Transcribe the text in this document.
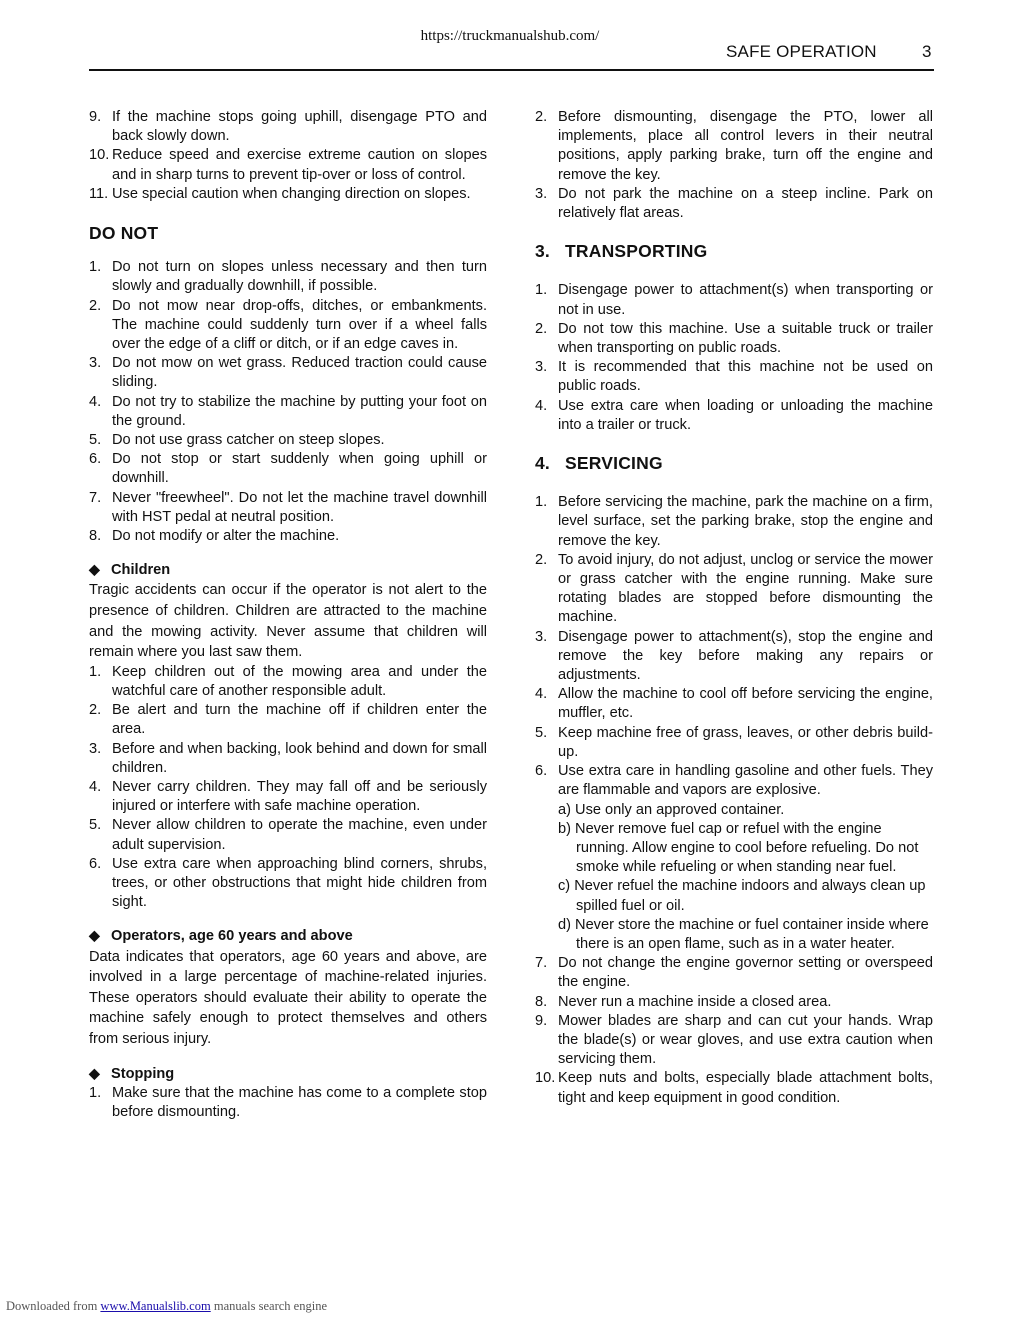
https://truckmanualshub.com/
SAFE OPERATION	3
9. If the machine stops going uphill, disengage PTO and back slowly down.
10. Reduce speed and exercise extreme caution on slopes and in sharp turns to prevent tip-over or loss of control.
11. Use special caution when changing direction on slopes.
DO NOT
1. Do not turn on slopes unless necessary and then turn slowly and gradually downhill, if possible.
2. Do not mow near drop-offs, ditches, or embankments. The machine could suddenly turn over if a wheel falls over the edge of a cliff or ditch, or if an edge caves in.
3. Do not mow on wet grass. Reduced traction could cause sliding.
4. Do not try to stabilize the machine by putting your foot on the ground.
5. Do not use grass catcher on steep slopes.
6. Do not stop or start suddenly when going uphill or downhill.
7. Never "freewheel". Do not let the machine travel downhill with HST pedal at neutral position.
8. Do not modify or alter the machine.
◆ Children

Tragic accidents can occur if the operator is not alert to the presence of children. Children are attracted to the machine and the mowing activity. Never assume that children will remain where you last saw them.

1. Keep children out of the mowing area and under the watchful care of another responsible adult.
2. Be alert and turn the machine off if children enter the area.
3. Before and when backing, look behind and down for small children.
4. Never carry children. They may fall off and be seriously injured or interfere with safe machine operation.
5. Never allow children to operate the machine, even under adult supervision.
6. Use extra care when approaching blind corners, shrubs, trees, or other obstructions that might hide children from sight.
◆ Operators, age 60 years and above

Data indicates that operators, age 60 years and above, are involved in a large percentage of machine-related injuries. These operators should evaluate their ability to operate the machine safely enough to protect themselves and others from serious injury.

◆ Stopping
1. Make sure that the machine has come to a complete stop before dismounting.
2. Before dismounting, disengage the PTO, lower all implements, place all control levers in their neutral positions, apply parking brake, turn off the engine and remove the key.
3. Do not park the machine on a steep incline. Park on relatively flat areas.
3. TRANSPORTING
1. Disengage power to attachment(s) when transporting or not in use.
2. Do not tow this machine. Use a suitable truck or trailer when transporting on public roads.
3. It is recommended that this machine not be used on public roads.
4. Use extra care when loading or unloading the machine into a trailer or truck.
4. SERVICING
1. Before servicing the machine, park the machine on a firm, level surface, set the parking brake, stop the engine and remove the key.
2. To avoid injury, do not adjust, unclog or service the mower or grass catcher with the engine running. Make sure rotating blades are stopped before dismounting the machine.
3. Disengage power to attachment(s), stop the engine and remove the key before making any repairs or adjustments.
4. Allow the machine to cool off before servicing the engine, muffler, etc.
5. Keep machine free of grass, leaves, or other debris build-up.
6. Use extra care in handling gasoline and other fuels. They are flammable and vapors are explosive.
a) Use only an approved container.
b) Never remove fuel cap or refuel with the engine running. Allow engine to cool before refueling. Do not smoke while refueling or when standing near fuel.
c) Never refuel the machine indoors and always clean up spilled fuel or oil.
d) Never store the machine or fuel container inside where there is an open flame, such as in a water heater.
7. Do not change the engine governor setting or overspeed the engine.
8. Never run a machine inside a closed area.
9. Mower blades are sharp and can cut your hands. Wrap the blade(s) or wear gloves, and use extra caution when servicing them.
10. Keep nuts and bolts, especially blade attachment bolts, tight and keep equipment in good condition.
Downloaded from www.Manualslib.com manuals search engine
